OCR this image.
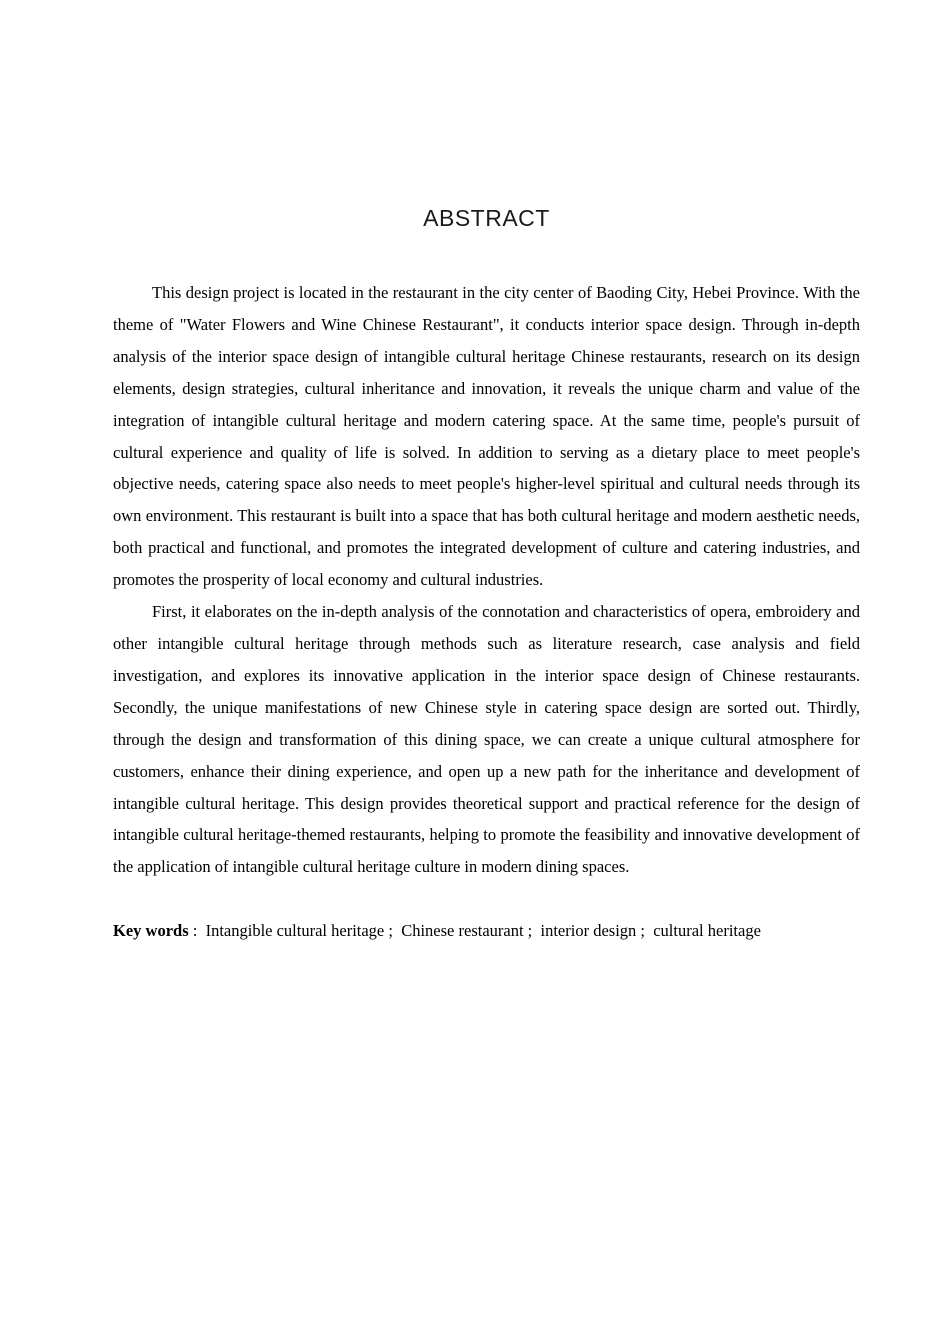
ABSTRACT

This design project is located in the restaurant in the city center of Baoding City, Hebei Province. With the theme of "Water Flowers and Wine Chinese Restaurant", it conducts interior space design. Through in-depth analysis of the interior space design of intangible cultural heritage Chinese restaurants, research on its design elements, design strategies, cultural inheritance and innovation, it reveals the unique charm and value of the integration of intangible cultural heritage and modern catering space. At the same time, people's pursuit of cultural experience and quality of life is solved. In addition to serving as a dietary place to meet people's objective needs, catering space also needs to meet people's higher-level spiritual and cultural needs through its own environment. This restaurant is built into a space that has both cultural heritage and modern aesthetic needs, both practical and functional, and promotes the integrated development of culture and catering industries, and promotes the prosperity of local economy and cultural industries.

First, it elaborates on the in-depth analysis of the connotation and characteristics of opera, embroidery and other intangible cultural heritage through methods such as literature research, case analysis and field investigation, and explores its innovative application in the interior space design of Chinese restaurants. Secondly, the unique manifestations of new Chinese style in catering space design are sorted out. Thirdly, through the design and transformation of this dining space, we can create a unique cultural atmosphere for customers, enhance their dining experience, and open up a new path for the inheritance and development of intangible cultural heritage. This design provides theoretical support and practical reference for the design of intangible cultural heritage-themed restaurants, helping to promote the feasibility and innovative development of the application of intangible cultural heritage culture in modern dining spaces.

Key words :  Intangible cultural heritage ;  Chinese restaurant ;  interior design ;  cultural heritage
